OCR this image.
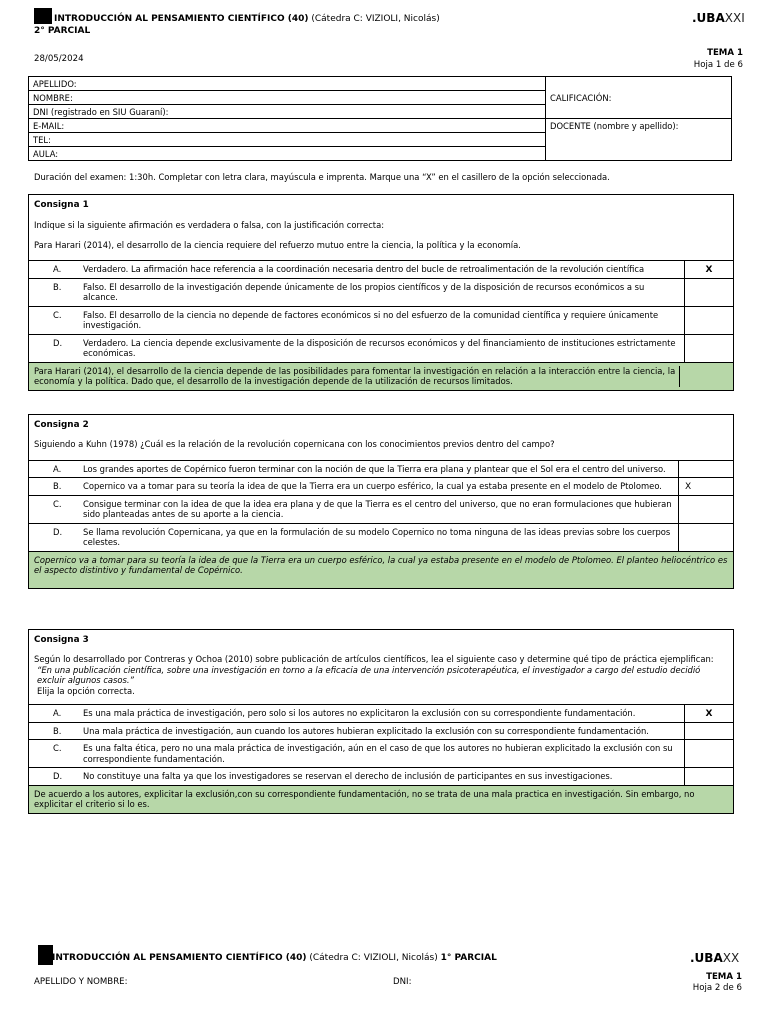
INTRODUCCIÓN AL PENSAMIENTO CIENTÍFICO (40) (Cátedra C: VIZIOLI, Nicolás)
2° PARCIAL
.UBAXXI
28/05/2024
TEMA 1
Hoja 1 de 6
APELLIDO:	CALIFICACIÓN:
NOMBRE:	
DNI (registrado en SIU Guaraní):	
E-MAIL:	DOCENTE (nombre y apellido):
TEL:	
AULA:	
Duración del examen: 1:30h. Completar con letra clara, mayúscula e imprenta. Marque una “X” en el casillero de la opción seleccionada.
Consigna 1
Indique si la siguiente afirmación es verdadera o falsa, con la justificación correcta:
Para Harari (2014), el desarrollo de la ciencia requiere del refuerzo mutuo entre la ciencia, la política y la economía.
A.	Verdadero. La afirmación hace referencia a la coordinación necesaria dentro del bucle de retroalimentación de la revolución científica	X
B.	Falso. El desarrollo de la investigación depende únicamente de los propios científicos y de la disposición de recursos económicos a su alcance.
C.	Falso. El desarrollo de la ciencia no depende de factores económicos si no del esfuerzo de la comunidad científica y requiere únicamente investigación.
D.	Verdadero. La ciencia depende exclusivamente de la disposición de recursos económicos y del financiamiento de instituciones estrictamente económicas.
Para Harari (2014), el desarrollo de la ciencia depende de las posibilidades para fomentar la investigación en relación a la interacción entre la ciencia, la economía y la política. Dado que, el desarrollo de la investigación depende de la utilización de recursos limitados.
Consigna 2
Siguiendo a Kuhn (1978) ¿Cuál es la relación de la revolución copernicana con los conocimientos previos dentro del campo?
A.	Los grandes aportes de Copérnico fueron terminar con la noción de que la Tierra era plana y plantear que el Sol era el centro del universo.
B.	Copernico va a tomar para su teoría la idea de que la Tierra era un cuerpo esférico, la cual ya estaba presente en el modelo de Ptolomeo.	X
C.	Consigue terminar con la idea de que la idea era plana y de que la Tierra es el centro del universo, que no eran formulaciones que hubieran sido planteadas antes de su aporte a la ciencia.
D.	Se llama revolución Copernicana, ya que en la formulación de su modelo Copernico no toma ninguna de las ideas previas sobre los cuerpos celestes.
Copernico va a tomar para su teoría la idea de que la Tierra era un cuerpo esférico, la cual ya estaba presente en el modelo de Ptolomeo. El planteo heliocéntrico es el aspecto distintivo y fundamental de Copérnico.
Consigna 3
Según lo desarrollado por Contreras y Ochoa (2010) sobre publicación de artículos científicos, lea el siguiente caso y determine qué tipo de práctica ejemplifican:
“En una publicación científica, sobre una investigación en torno a la eficacia de una intervención psicoterapéutica, el investigador a cargo del estudio decidió excluir algunos casos.”
Elija la opción correcta.
A.	Es una mala práctica de investigación, pero solo si los autores no explicitaron la exclusión con su correspondiente fundamentación.	X
B.	Una mala práctica de investigación, aun cuando los autores hubieran explicitado la exclusión con su correspondiente fundamentación.
C.	Es una falta ética, pero no una mala práctica de investigación, aún en el caso de que los autores no hubieran explicitado la exclusión con su correspondiente fundamentación.
D.	No constituye una falta ya que los investigadores se reservan el derecho de inclusión de participantes en sus investigaciones.
De acuerdo a los autores, explicitar la exclusión,con su correspondiente fundamentación, no se trata de una mala practica en investigación. Sin embargo, no explicitar el criterio si lo es.
INTRODUCCIÓN AL PENSAMIENTO CIENTÍFICO (40) (Cátedra C: VIZIOLI, Nicolás) 1° PARCIAL	.UBAXX
TEMA 1
APELLIDO Y NOMBRE:	DNI:
Hoja 2 de 6
